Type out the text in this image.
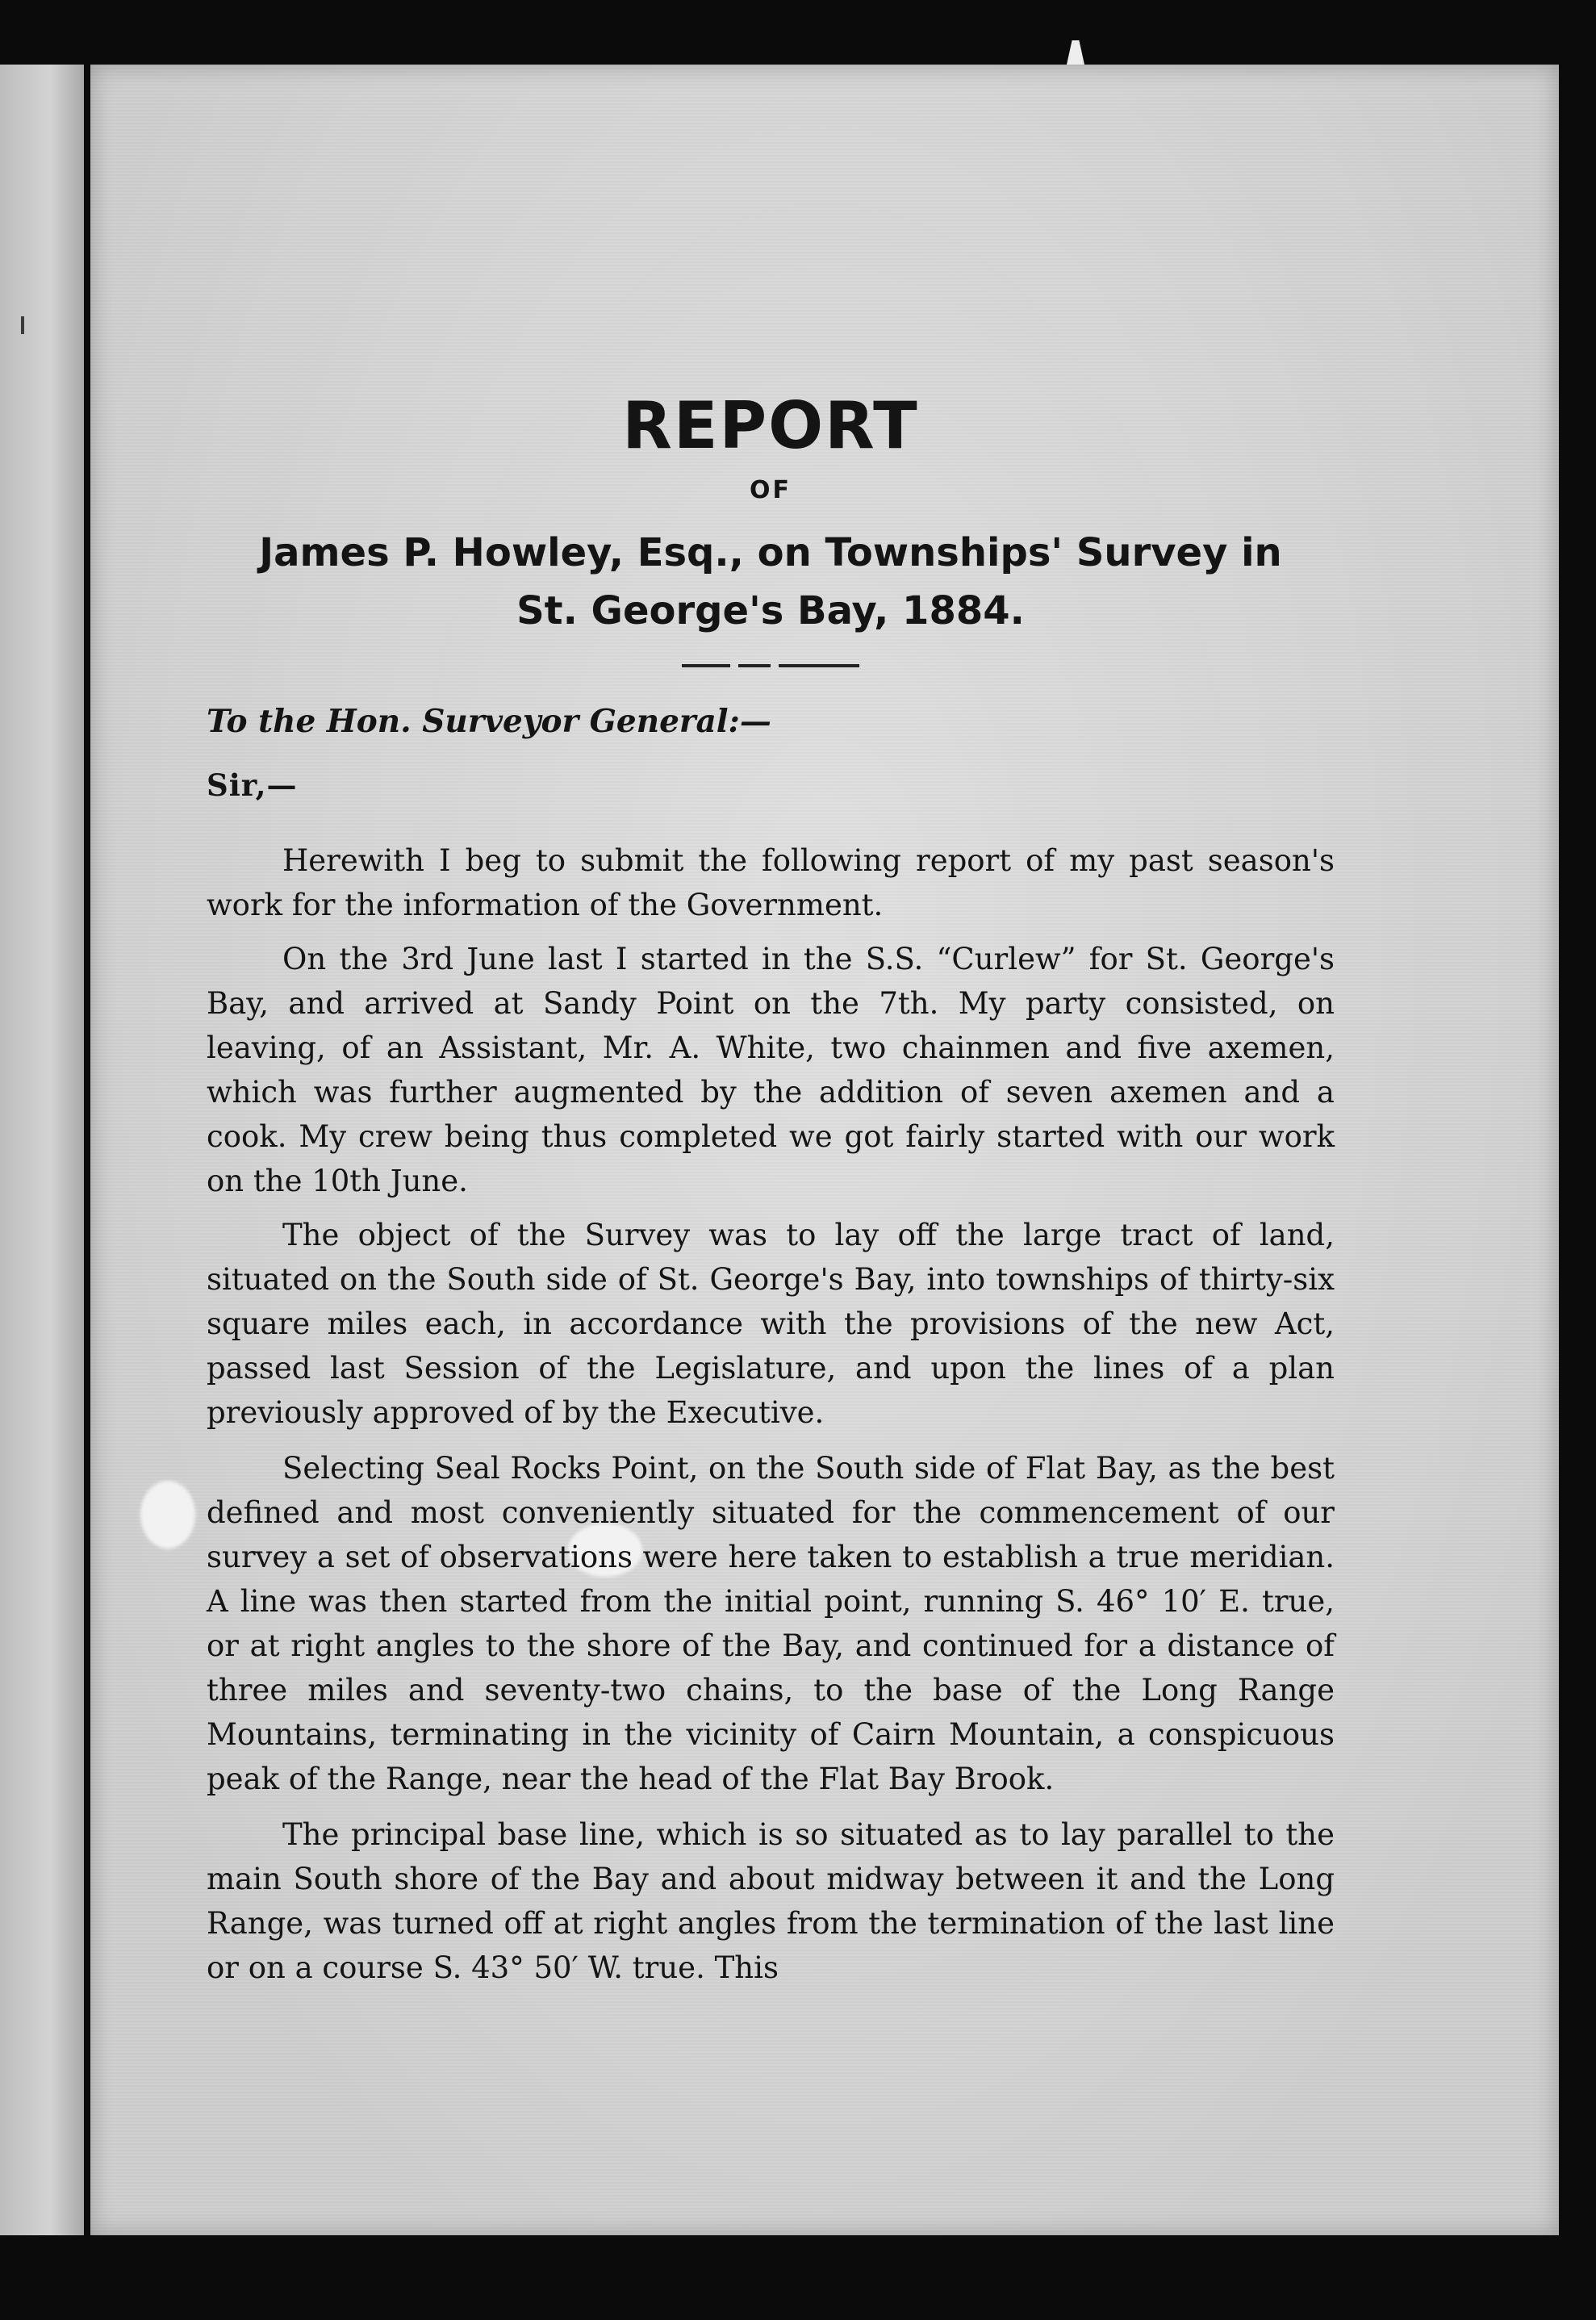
REPORT
OF
James P. Howley, Esq., on Townships' Survey in
St. George's Bay, 1884.
To the Hon. Surveyor General:—
Sir,—

Herewith I beg to submit the following report of my past season's work for the information of the Government.

On the 3rd June last I started in the S.S. “Curlew” for St. George's Bay, and arrived at Sandy Point on the 7th. My party consisted, on leaving, of an Assistant, Mr. A. White, two chainmen and five axemen, which was further augmented by the addition of seven axemen and a cook. My crew being thus completed we got fairly started with our work on the 10th June.

The object of the Survey was to lay off the large tract of land, situated on the South side of St. George's Bay, into townships of thirty-six square miles each, in accordance with the provisions of the new Act, passed last Session of the Legislature, and upon the lines of a plan previously approved of by the Executive.

Selecting Seal Rocks Point, on the South side of Flat Bay, as the best defined and most conveniently situated for the commencement of our survey a set of observations were here taken to establish a true meridian. A line was then started from the initial point, running S. 46° 10′ E. true, or at right angles to the shore of the Bay, and continued for a distance of three miles and seventy-two chains, to the base of the Long Range Mountains, terminating in the vicinity of Cairn Mountain, a conspicuous peak of the Range, near the head of the Flat Bay Brook.

The principal base line, which is so situated as to lay parallel to the main South shore of the Bay and about midway between it and the Long Range, was turned off at right angles from the termination of the last line or on a course S. 43° 50′ W. true. This
